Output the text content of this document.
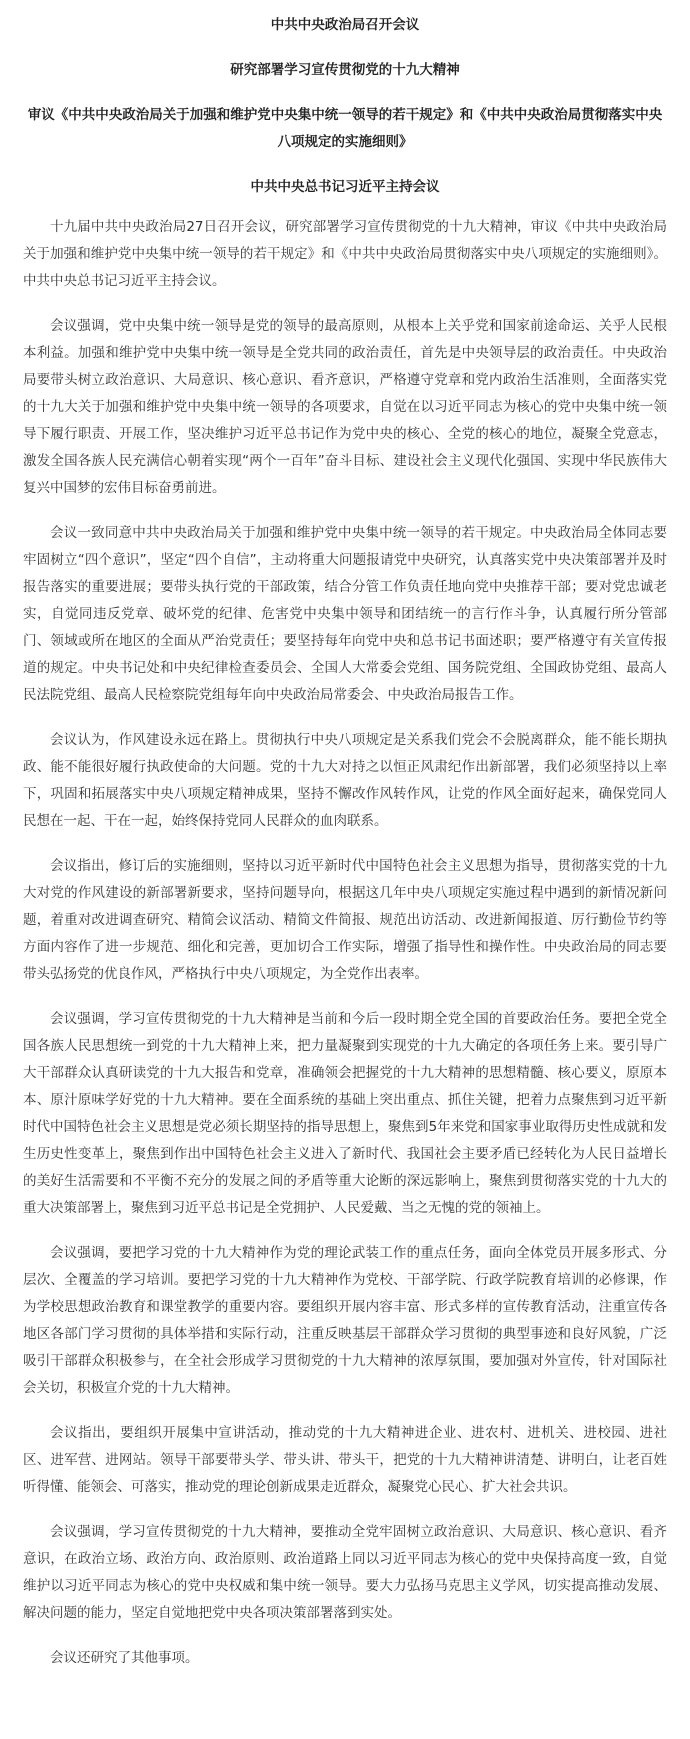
中共中央政治局召开会议

研究部署学习宣传贯彻党的十九大精神

审议《中共中央政治局关于加强和维护党中央集中统一领导的若干规定》和《中共中央政治局贯彻落实中央八项规定的实施细则》

中共中央总书记习近平主持会议

十九届中共中央政治局27日召开会议，研究部署学习宣传贯彻党的十九大精神，审议《中共中央政治局关于加强和维护党中央集中统一领导的若干规定》和《中共中央政治局贯彻落实中央八项规定的实施细则》。中共中央总书记习近平主持会议。

会议强调，党中央集中统一领导是党的领导的最高原则，从根本上关乎党和国家前途命运、关乎人民根本利益。加强和维护党中央集中统一领导是全党共同的政治责任，首先是中央领导层的政治责任。中央政治局要带头树立政治意识、大局意识、核心意识、看齐意识，严格遵守党章和党内政治生活准则，全面落实党的十九大关于加强和维护党中央集中统一领导的各项要求，自觉在以习近平同志为核心的党中央集中统一领导下履行职责、开展工作，坚决维护习近平总书记作为党中央的核心、全党的核心的地位，凝聚全党意志，激发全国各族人民充满信心朝着实现“两个一百年”奋斗目标、建设社会主义现代化强国、实现中华民族伟大复兴中国梦的宏伟目标奋勇前进。

会议一致同意中共中央政治局关于加强和维护党中央集中统一领导的若干规定。中央政治局全体同志要牢固树立“四个意识”，坚定“四个自信”，主动将重大问题报请党中央研究，认真落实党中央决策部署并及时报告落实的重要进展；要带头执行党的干部政策，结合分管工作负责任地向党中央推荐干部；要对党忠诚老实，自觉同违反党章、破坏党的纪律、危害党中央集中领导和团结统一的言行作斗争，认真履行所分管部门、领域或所在地区的全面从严治党责任；要坚持每年向党中央和总书记书面述职；要严格遵守有关宣传报道的规定。中央书记处和中央纪律检查委员会、全国人大常委会党组、国务院党组、全国政协党组、最高人民法院党组、最高人民检察院党组每年向中央政治局常委会、中央政治局报告工作。

会议认为，作风建设永远在路上。贯彻执行中央八项规定是关系我们党会不会脱离群众，能不能长期执政、能不能很好履行执政使命的大问题。党的十九大对持之以恒正风肃纪作出新部署，我们必须坚持以上率下，巩固和拓展落实中央八项规定精神成果，坚持不懈改作风转作风，让党的作风全面好起来，确保党同人民想在一起、干在一起，始终保持党同人民群众的血肉联系。

会议指出，修订后的实施细则，坚持以习近平新时代中国特色社会主义思想为指导，贯彻落实党的十九大对党的作风建设的新部署新要求，坚持问题导向，根据这几年中央八项规定实施过程中遇到的新情况新问题，着重对改进调查研究、精简会议活动、精简文件简报、规范出访活动、改进新闻报道、厉行勤俭节约等方面内容作了进一步规范、细化和完善，更加切合工作实际，增强了指导性和操作性。中央政治局的同志要带头弘扬党的优良作风，严格执行中央八项规定，为全党作出表率。

会议强调，学习宣传贯彻党的十九大精神是当前和今后一段时期全党全国的首要政治任务。要把全党全国各族人民思想统一到党的十九大精神上来，把力量凝聚到实现党的十九大确定的各项任务上来。要引导广大干部群众认真研读党的十九大报告和党章，准确领会把握党的十九大精神的思想精髓、核心要义，原原本本、原汁原味学好党的十九大精神。要在全面系统的基础上突出重点、抓住关键，把着力点聚焦到习近平新时代中国特色社会主义思想是党必须长期坚持的指导思想上，聚焦到5年来党和国家事业取得历史性成就和发生历史性变革上，聚焦到作出中国特色社会主义进入了新时代、我国社会主要矛盾已经转化为人民日益增长的美好生活需要和不平衡不充分的发展之间的矛盾等重大论断的深远影响上，聚焦到贯彻落实党的十九大的重大决策部署上，聚焦到习近平总书记是全党拥护、人民爱戴、当之无愧的党的领袖上。

会议强调，要把学习党的十九大精神作为党的理论武装工作的重点任务，面向全体党员开展多形式、分层次、全覆盖的学习培训。要把学习党的十九大精神作为党校、干部学院、行政学院教育培训的必修课，作为学校思想政治教育和课堂教学的重要内容。要组织开展内容丰富、形式多样的宣传教育活动，注重宣传各地区各部门学习贯彻的具体举措和实际行动，注重反映基层干部群众学习贯彻的典型事迹和良好风貌，广泛吸引干部群众积极参与，在全社会形成学习贯彻党的十九大精神的浓厚氛围，要加强对外宣传，针对国际社会关切，积极宣介党的十九大精神。

会议指出，要组织开展集中宣讲活动，推动党的十九大精神进企业、进农村、进机关、进校园、进社区、进军营、进网站。领导干部要带头学、带头讲、带头干，把党的十九大精神讲清楚、讲明白，让老百姓听得懂、能领会、可落实，推动党的理论创新成果走近群众，凝聚党心民心、扩大社会共识。

会议强调，学习宣传贯彻党的十九大精神，要推动全党牢固树立政治意识、大局意识、核心意识、看齐意识，在政治立场、政治方向、政治原则、政治道路上同以习近平同志为核心的党中央保持高度一致，自觉维护以习近平同志为核心的党中央权威和集中统一领导。要大力弘扬马克思主义学风，切实提高推动发展、解决问题的能力，坚定自觉地把党中央各项决策部署落到实处。

会议还研究了其他事项。
